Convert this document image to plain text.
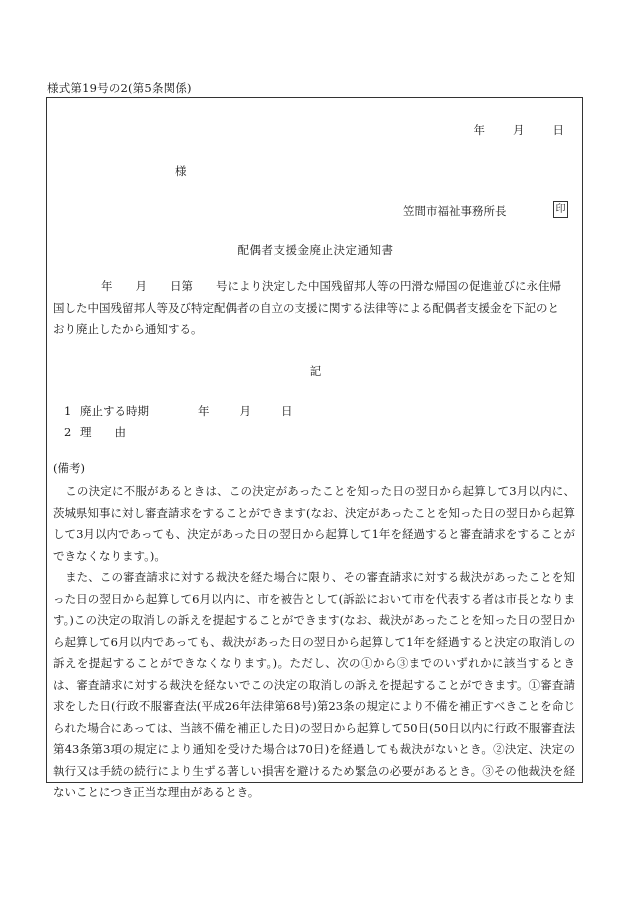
様式第19号の2(第5条関係)
年 月 日
様
笠間市福祉事務所長	印
配偶者支援金廃止決定通知書
年　　月　　日第　　号により決定した中国残留邦人等の円滑な帰国の促進並びに永住帰
国した中国残留邦人等及び特定配偶者の自立の支援に関する法律等による配偶者支援金を下記のと
おり廃止したから通知する。
記
1 廃止する時期	年	月	日
2 理　　由
(備考)

この決定に不服があるときは、この決定があったことを知った日の翌日から起算して3月以内に、茨城県知事に対し審査請求をすることができます(なお、決定があったことを知った日の翌日から起算して3月以内であっても、決定があった日の翌日から起算して1年を経過すると審査請求をすることができなくなります。)。

また、この審査請求に対する裁決を経た場合に限り、その審査請求に対する裁決があったことを知った日の翌日から起算して6月以内に、市を被告として(訴訟において市を代表する者は市長となります。)この決定の取消しの訴えを提起することができます(なお、裁決があったことを知った日の翌日から起算して6月以内であっても、裁決があった日の翌日から起算して1年を経過すると決定の取消しの訴えを提起することができなくなります。)。ただし、次の①から③までのいずれかに該当するときは、審査請求に対する裁決を経ないでこの決定の取消しの訴えを提起することができます。①審査請求をした日(行政不服審査法(平成26年法律第68号)第23条の規定により不備を補正すべきことを命じられた場合にあっては、当該不備を補正した日)の翌日から起算して50日(50日以内に行政不服審査法第43条第3項の規定により通知を受けた場合は70日)を経過しても裁決がないとき。②決定、決定の執行又は手続の続行により生ずる著しい損害を避けるため緊急の必要があるとき。③その他裁決を経ないことにつき正当な理由があるとき。
